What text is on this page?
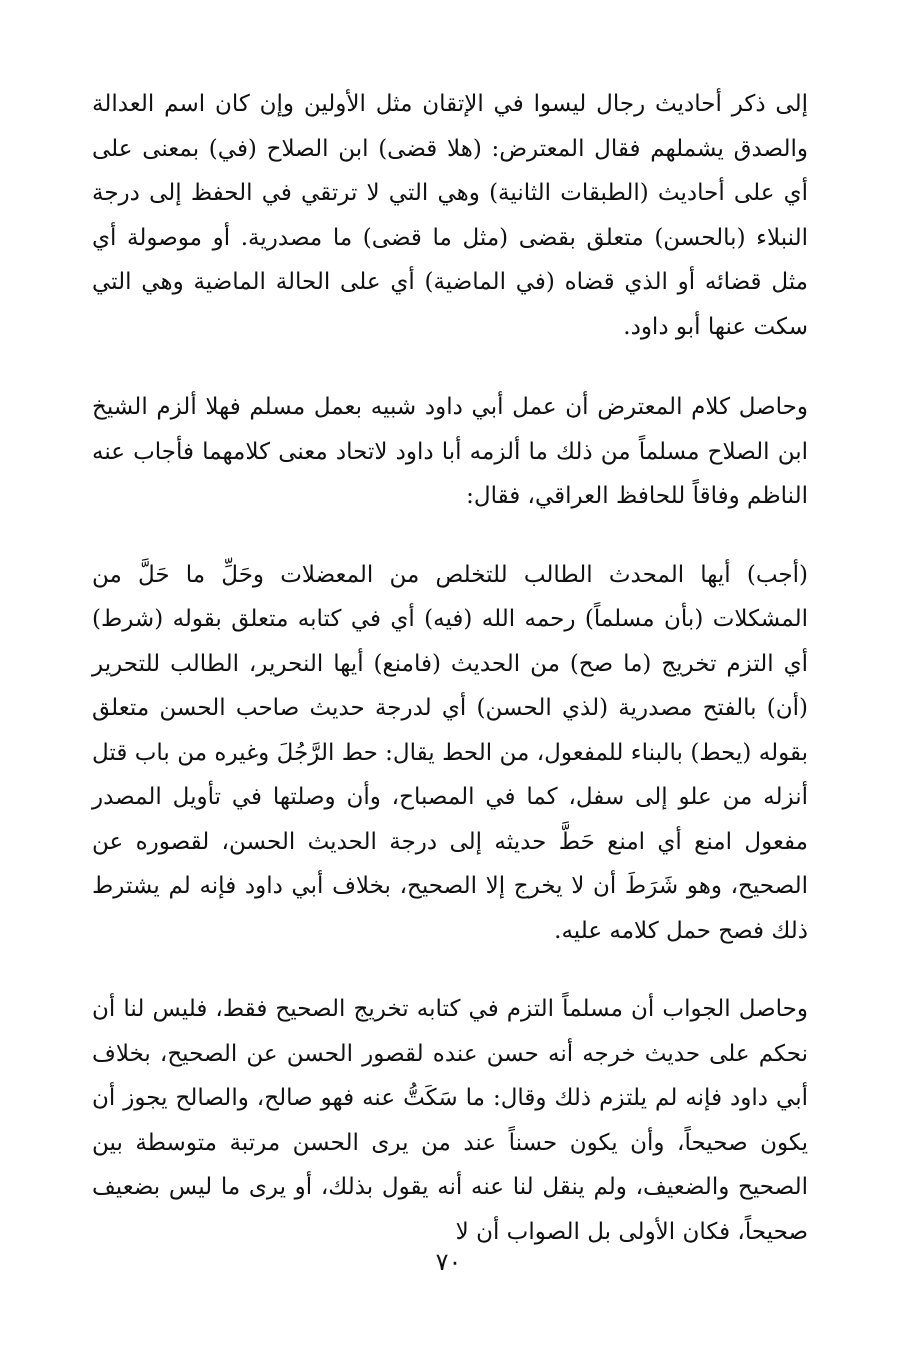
إلى ذكر أحاديث رجال ليسوا في الإتقان مثل الأولين وإن كان اسم العدالة والصدق يشملهم فقال المعترض: (هلا قضى) ابن الصلاح (في) بمعنى على أي على أحاديث (الطبقات الثانية) وهي التي لا ترتقي في الحفظ إلى درجة النبلاء (بالحسن) متعلق بقضى (مثل ما قضى) ما مصدرية. أو موصولة أي مثل قضائه أو الذي قضاه (في الماضية) أي على الحالة الماضية وهي التي سكت عنها أبو داود.

وحاصل كلام المعترض أن عمل أبي داود شبيه بعمل مسلم فهلا ألزم الشيخ ابن الصلاح مسلماً من ذلك ما ألزمه أبا داود لاتحاد معنى كلامهما فأجاب عنه الناظم وفاقاً للحافظ العراقي، فقال:

(أجب) أيها المحدث الطالب للتخلص من المعضلات وحَلِّ ما حَلَّ من المشكلات (بأن مسلماً) رحمه الله (فيه) أي في كتابه متعلق بقوله (شرط) أي التزم تخريج (ما صح) من الحديث (فامنع) أيها النحرير، الطالب للتحرير (أن) بالفتح مصدرية (لذي الحسن) أي لدرجة حديث صاحب الحسن متعلق بقوله (يحط) بالبناء للمفعول، من الحط يقال: حط الرَّجُلَ وغيره من باب قتل أنزله من علو إلى سفل، كما في المصباح، وأن وصلتها في تأويل المصدر مفعول امنع أي امنع حَطَّ حديثه إلى درجة الحديث الحسن، لقصوره عن الصحيح، وهو شَرَطَ أن لا يخرج إلا الصحيح، بخلاف أبي داود فإنه لم يشترط ذلك فصح حمل كلامه عليه.

وحاصل الجواب أن مسلماً التزم في كتابه تخريج الصحيح فقط، فليس لنا أن نحكم على حديث خرجه أنه حسن عنده لقصور الحسن عن الصحيح، بخلاف أبي داود فإنه لم يلتزم ذلك وقال: ما سَكَتُّ عنه فهو صالح، والصالح يجوز أن يكون صحيحاً، وأن يكون حسناً عند من يرى الحسن مرتبة متوسطة بين الصحيح والضعيف، ولم ينقل لنا عنه أنه يقول بذلك، أو يرى ما ليس بضعيف صحيحاً، فكان الأولى بل الصواب أن لا

٧٠
